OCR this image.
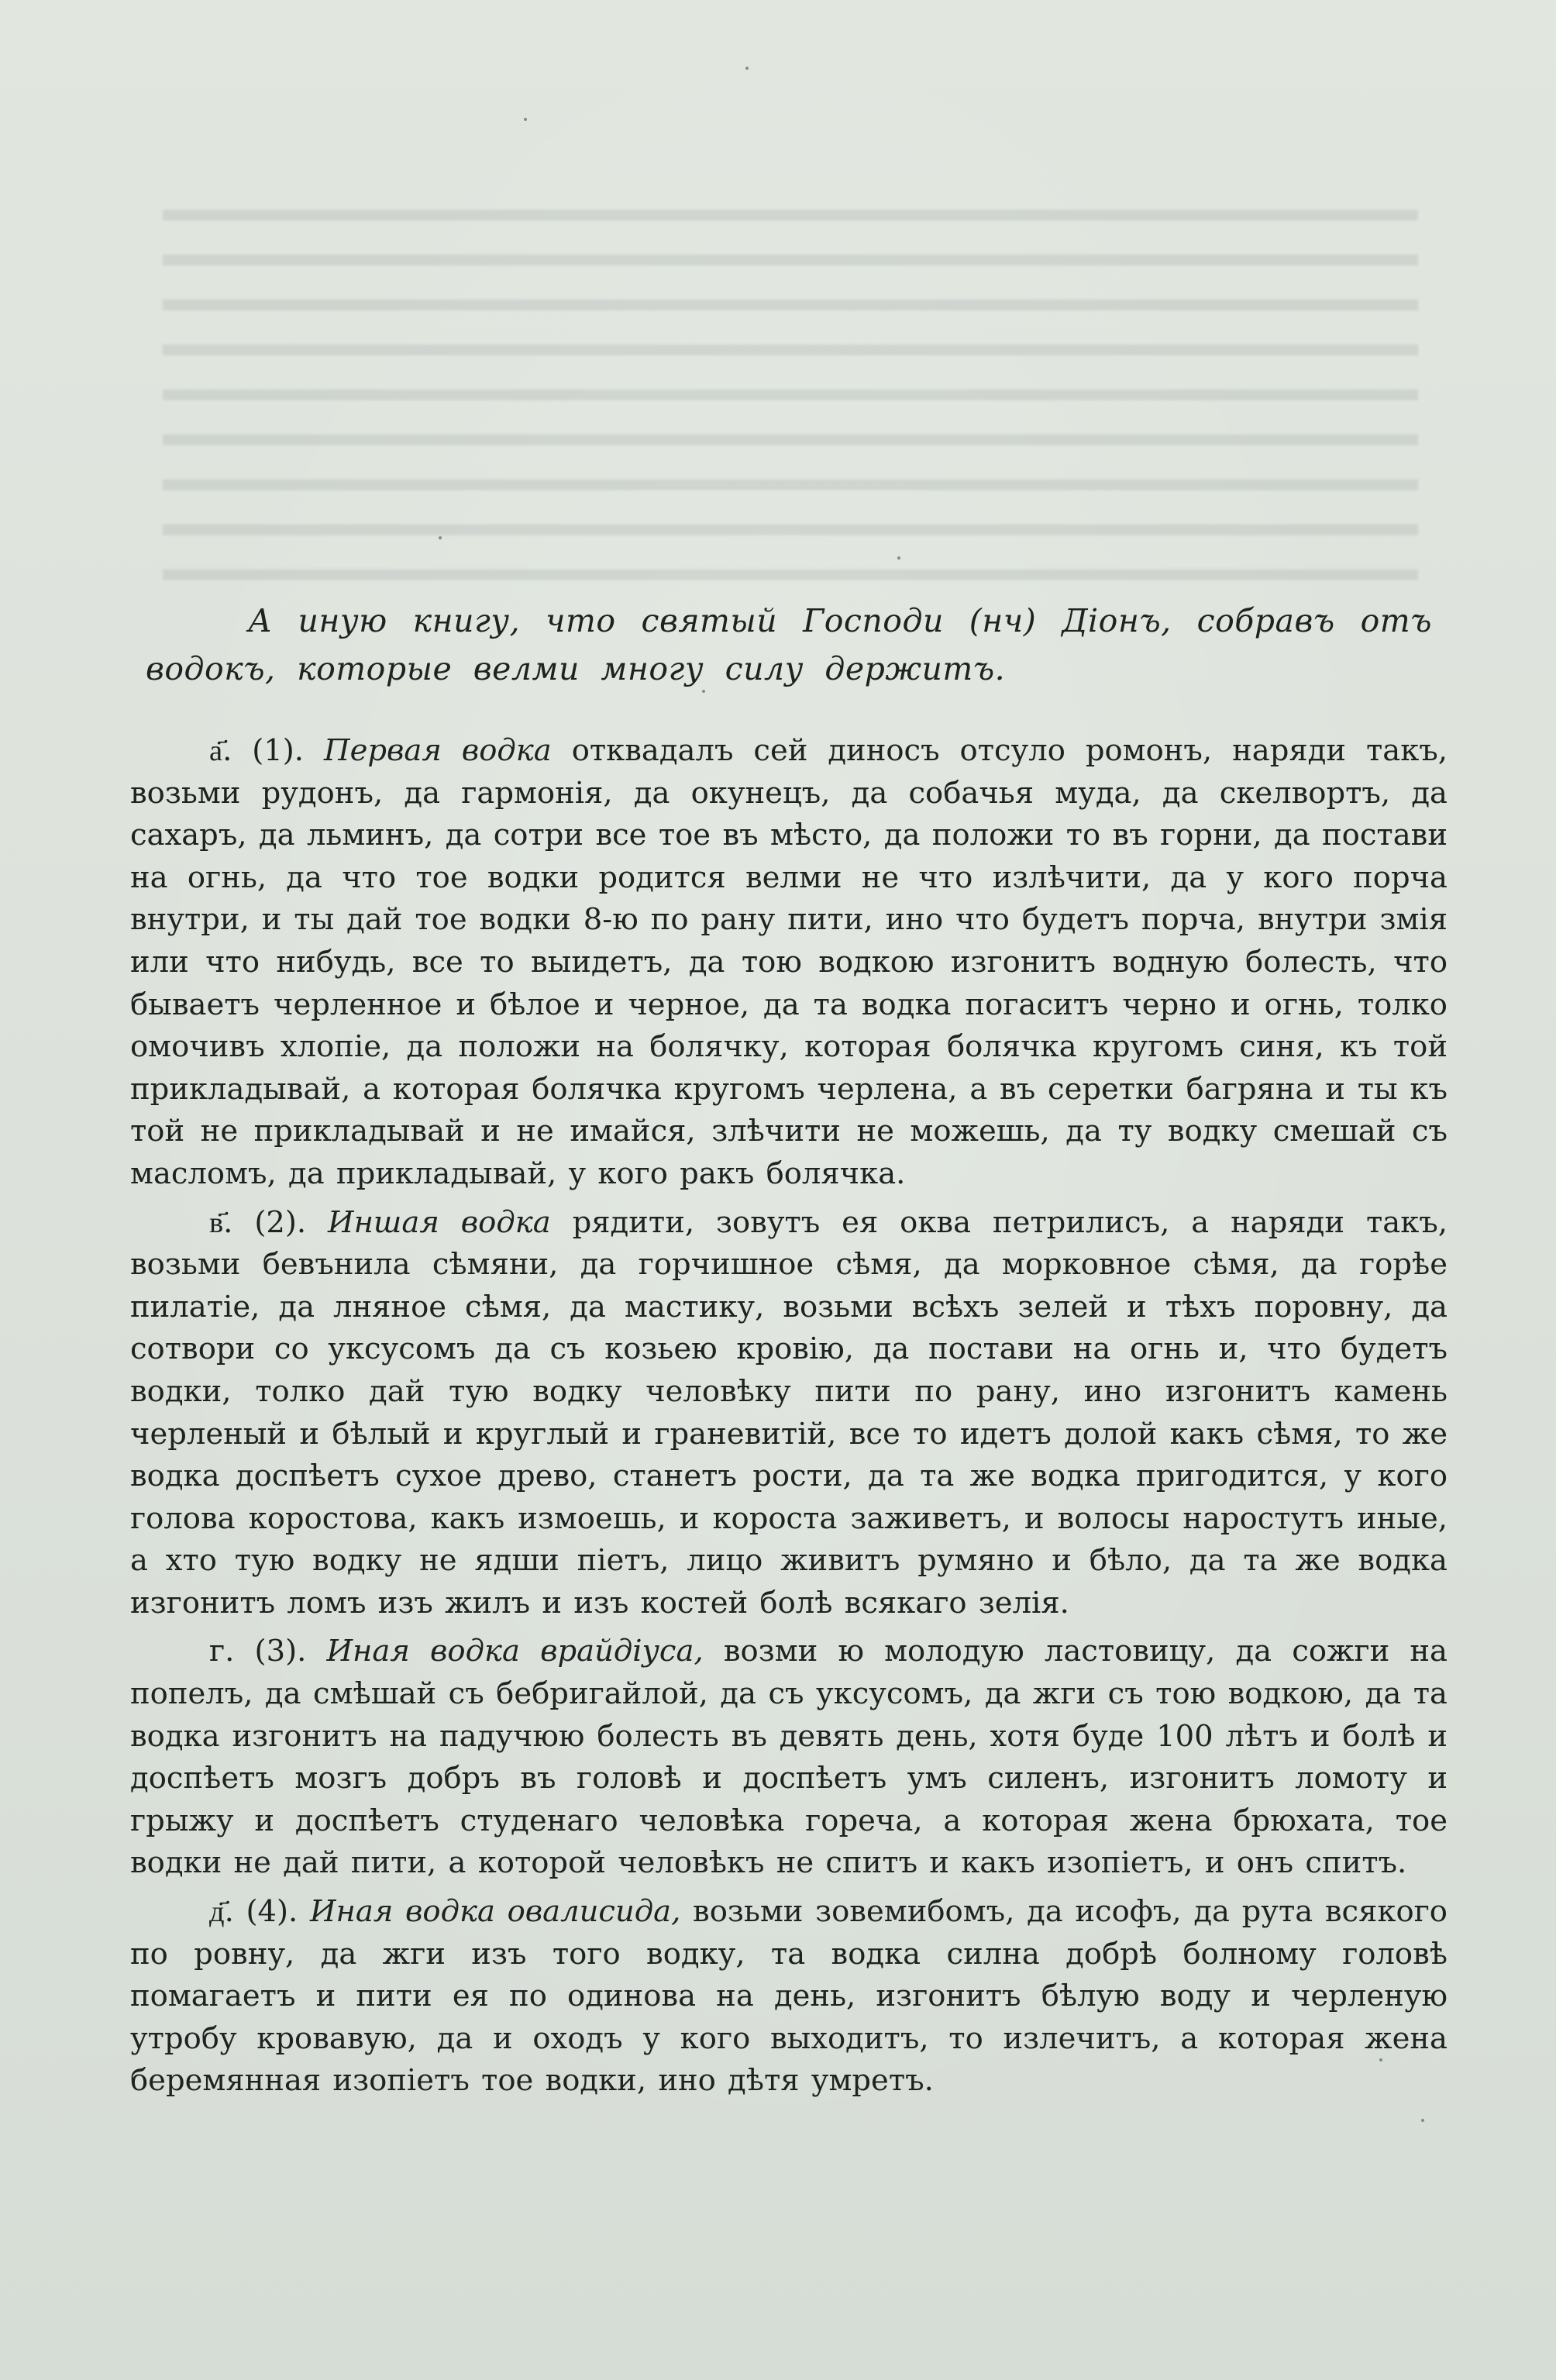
А иную книгу, что святый Господи (нч) Діонъ, собравъ отъ водокъ, которые велми многу силу держитъ.

а҃. (1). Первая водка отквадалъ сей диносъ отсуло ромонъ, наряди такъ, возьми рудонъ, да гармонія, да окунецъ, да собачья муда, да скелвортъ, да сахаръ, да льминъ, да сотри все тое въ мѣсто, да положи то въ горни, да постави на огнь, да что тое водки родится велми не что излѣчити, да у кого порча внутри, и ты дай тое водки 8-ю по рану пити, ино что будетъ порча, внутри змія или что нибудь, все то выидетъ, да тою водкою изгонитъ водную болесть, что бываетъ черленное и бѣлое и черное, да та водка погаситъ черно и огнь, толко омочивъ хлопіе, да положи на болячку, которая болячка кругомъ синя, къ той прикладывай, а которая болячка кругомъ черлена, а въ серетки багряна и ты къ той не прикладывай и не имайся, злѣчити не можешь, да ту водку смешай съ масломъ, да прикладывай, у кого ракъ болячка.

в҃. (2). Иншая водка рядити, зовутъ ея оква петрилисъ, а наряди такъ, возьми бевънила сѣмяни, да горчишное сѣмя, да морковное сѣмя, да горѣе пилатіе, да лняное сѣмя, да мастику, возьми всѣхъ зелей и тѣхъ поровну, да сотвори со уксусомъ да съ козьею кровію, да постави на огнь и, что будетъ водки, толко дай тую водку человѣку пити по рану, ино изгонитъ камень черленый и бѣлый и круглый и граневитій, все то идетъ долой какъ сѣмя, то же водка доспѣетъ сухое древо, станетъ рости, да та же водка пригодится, у кого голова коростова, какъ измоешь, и короста заживетъ, и волосы наростутъ иные, а хто тую водку не ядши піетъ, лицо живитъ румяно и бѣло, да та же водка изгонитъ ломъ изъ жилъ и изъ костей болѣ всякаго зелія.

г. (3). Иная водка врайдіуса, возми ю молодую ластовицу, да сожги на попелъ, да смѣшай съ бебригайлой, да съ уксусомъ, да жги съ тою водкою, да та водка изгонитъ на падучюю болесть въ девять день, хотя буде 100 лѣтъ и болѣ и доспѣетъ мозгъ добръ въ головѣ и доспѣетъ умъ силенъ, изгонитъ ломоту и грыжу и доспѣетъ студенаго человѣка гореча, а которая жена брюхата, тое водки не дай пити, а которой человѣкъ не спитъ и какъ изопіетъ, и онъ спитъ.

д҃. (4). Иная водка овалисида, возьми зовемибомъ, да исофъ, да рута всякого по ровну, да жги изъ того водку, та водка силна добрѣ болному головѣ помагаетъ и пити ея по одинова на день, изгонитъ бѣлую воду и черленую утробу кровавую, да и оходъ у кого выходитъ, то излечитъ, а которая жена беремянная изопіетъ тое водки, ино дѣтя умретъ.
